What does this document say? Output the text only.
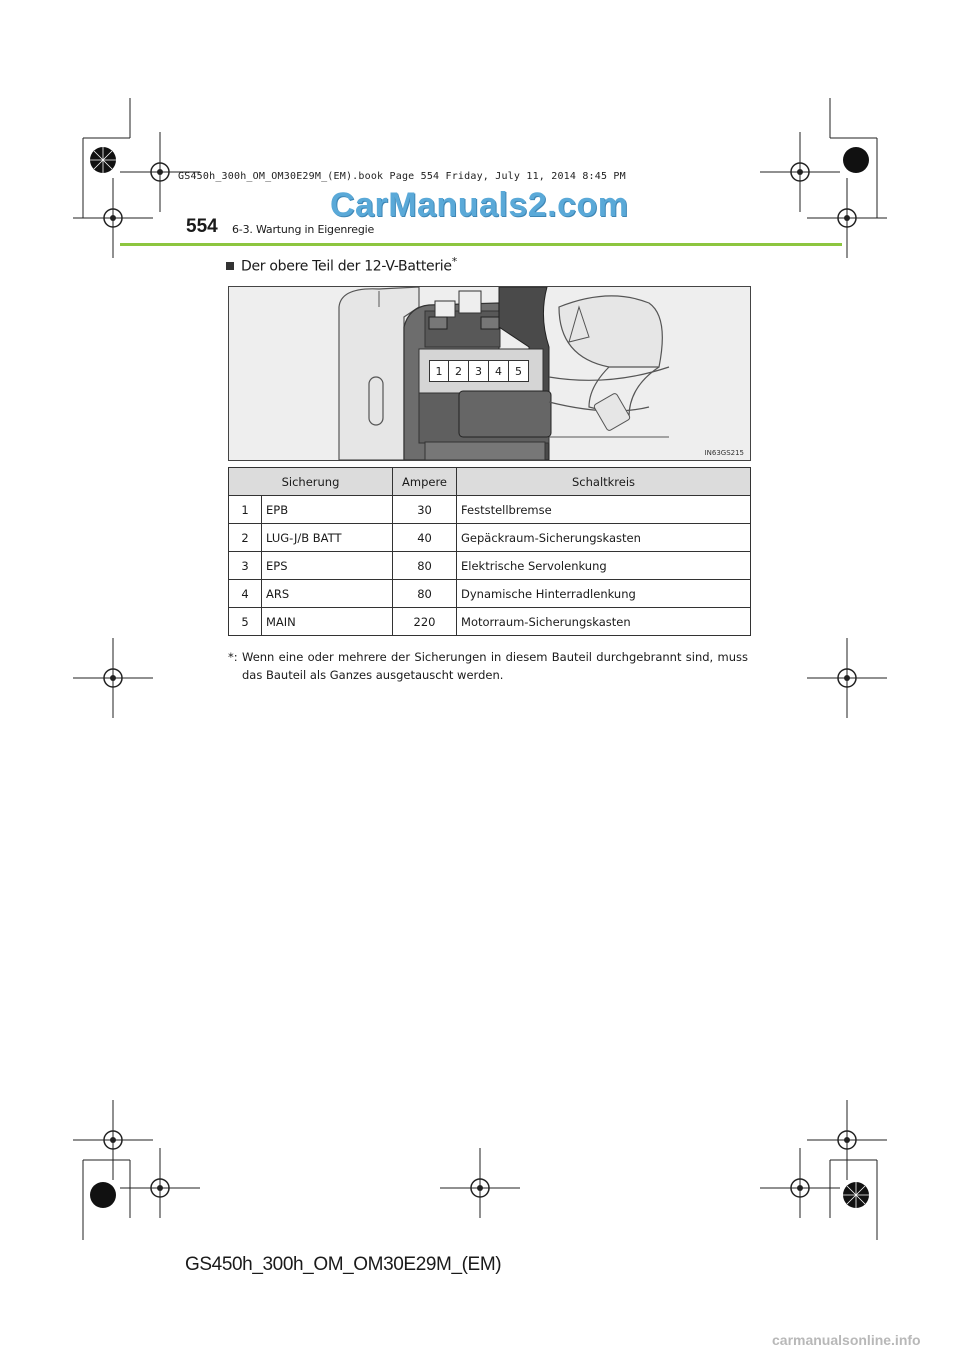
GS450h_300h_OM_OM30E29M_(EM).book Page 554 Friday, July 11, 2014 8:45 PM
CarManuals2.com
554 6-3. Wartung in Eigenregie
Der obere Teil der 12-V-Batterie*
1	2	3	4	5
IN63GS215
Sicherung		Ampere	Schaltkreis
1	EPB	30	Feststellbremse
2	LUG-J/B BATT	40	Gepäckraum-Sicherungskasten
3	EPS	80	Elektrische Servolenkung
4	ARS	80	Dynamische Hinterradlenkung
5	MAIN	220	Motorraum-Sicherungskasten
*: Wenn eine oder mehrere der Sicherungen in diesem Bauteil durchgebrannt sind, muss das Bauteil als Ganzes ausgetauscht werden.
GS450h_300h_OM_OM30E29M_(EM)
carmanualsonline.info
